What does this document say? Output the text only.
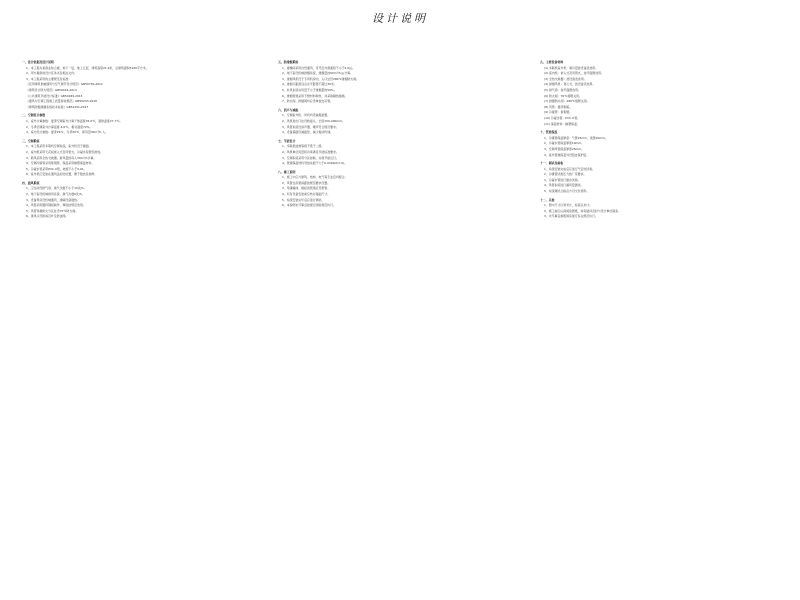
设计说明

一、设计依据及设计说明

1、本工程为某商业综合楼，地下一层，地上五层，建筑高度21.6米，总建筑面积5100平方米。

2、甲方提供的设计任务书及相关文件。

3、本工程采用的主要规范及标准：

《民用建筑供暖通风与空气调节设计规范》GB50736-2012

《建筑设计防火规范》GB50016-2014

《公共建筑节能设计标准》GB50189-2015

《通风与空调工程施工质量验收规范》GB50243-2016

《建筑防烟排烟系统技术标准》GB51251-2017

二、空调设计参数

1、室外计算参数：夏季空调室外计算干球温度35.0℃，湿球温度27.7℃。

2、冬季空调室外计算温度-4.0℃，相对湿度72%。

3、室内设计参数：夏季26℃，冬季20℃，新风量30m³/h·人。

三、空调系统

1、本工程采用多联机空调系统，室外机设于屋面。

2、室内机采用天花板嵌入式及风管式，冷凝水有组织排放。

3、新风采用全热交换器，新风量按每人30m³/h计算。

4、空调冷媒管采用紫铜管，保温采用橡塑保温材料。

5、冷凝水管采用PVC-U管，坡度不小于0.01。

6、室外机应安装在通风良好的位置，便于散热及检修。

四、通风系统

1、卫生间设排气扇，换气次数不小于10次/h。

2、地下室设机械排风系统，换气次数6次/h。

3、设备用房设机械通风，排除设备散热。

4、风管采用镀锌钢板制作，厚度按规范选用。

5、风管穿越防火分区处设70℃防火阀。

6、排风口设防雨百叶及防虫网。

五、防排烟系统

1、楼梯间采用自然通风，可开启外窗面积不小于2.0㎡。

2、地下室设机械排烟系统，排烟量按60m³/h·㎡计算。

3、排烟风机设于专用机房内，入口处设280℃排烟防火阀。

4、排烟口距最远点水平距离不超过30米。

5、补风系统补风量不小于排烟量的50%。

6、排烟管道采用不燃材料制作，并采取隔热措施。

7、防火阀、排烟阀均应设单独支吊架。

六、消声与减振

1、空调室外机、风机均设减振装置。

2、风机进出口处设软接头，长度150-200mm。

3、风管系统设消声器，噪声符合规范要求。

4、设备基础设减振垫，减少振动传递。

七、节能设计

1、多联机能效等级不低于二级。

2、风机单位风量耗功率满足节能标准要求。

3、空调系统采用分区控制，实现节能运行。

4、管道保温材料导热系数不大于0.034W/(m·K)。

八、施工说明

1、施工中应与建筑、结构、电气等专业密切配合。

2、风管支吊架间距按规范要求设置。

3、穿越墙体、楼板的管道应设套管。

4、所有设备安装前应核对基础尺寸。

5、系统安装完毕后应进行调试。

6、本说明未尽事宜按现行国家规范执行。

九、主要设备材料

(1) 多联机室外机：制冷量按设备表选用。

(2) 室内机：嵌入式及风管式，按平面图选用。

(3) 全热交换器：按设备表选用。

(4) 排烟风机：离心式，按设备表选用。

(5) 排气扇：按平面图选用。

(6) 防火阀：70℃熔断关闭。

(7) 排烟防火阀：280℃熔断关闭。

(8) 风管：镀锌钢板。

(9) 冷媒管：紫铜管。

(10) 冷凝水管：PVC-U管。

(11) 保温材料：橡塑保温。

十、管道保温

1、冷媒管保温厚度：气管25mm，液管20mm。

2、冷凝水管保温厚度10mm。

3、空调风管保温厚度25mm。

4、室外管道保温外设铝皮保护层。

十一、调试及验收

1、系统安装完成后应进行气密性试验。

2、冷媒管试验压力按厂家要求。

3、冷凝水管进行通水试验。

4、风管系统进行漏风量测试。

5、系统调试合格后方可交付使用。

十二、其他

1、图中尺寸以毫米计，标高以米计。

2、施工前应认真阅读图纸，如有疑问及时与设计单位联系。

3、未尽事宜参照国家现行有关规范执行。
